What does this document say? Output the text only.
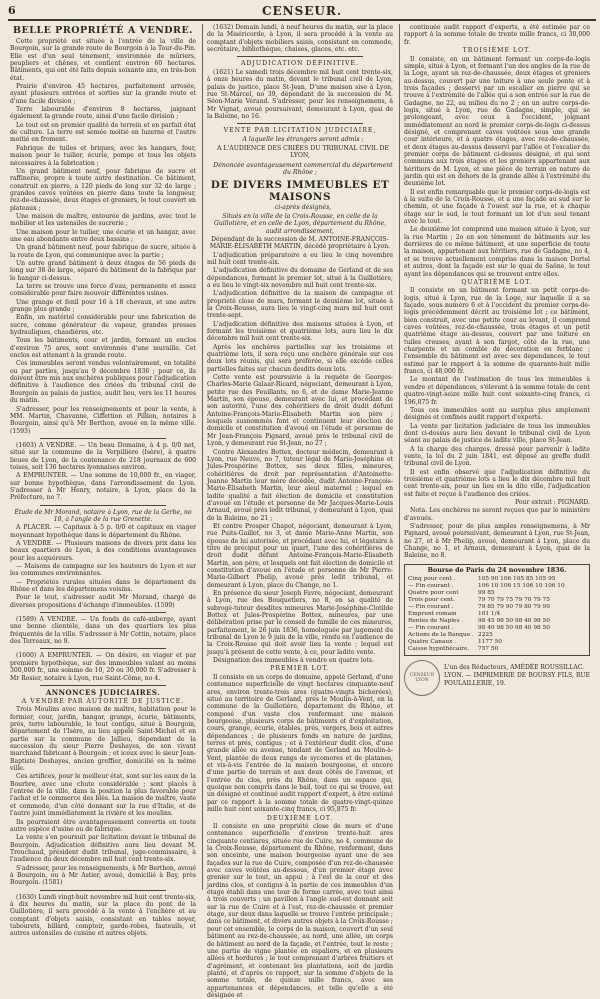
6	CENSEUR.
BELLE PROPRIÉTÉ A VENDRE.

Cette propriété est située à l'entrée de la ville de Bourgoin, sur la grande route de Bourgoin à la Tour-du-Pin. Elle est d'un seul ténement, environnée de mûriers, peupliers et chênes, et contient environ 60 hectares. Bâtiments, qui ont été faits depuis soixante ans, en très-bon état.

Prairie d'environ 45 hectares, parfaitement arrosée, ayant plusieurs entrées et sorties sur la grande route et d'une facile division ;

Terre labourable d'environ 8 hectares, jaignant également la grande route, ainsi d'une facile division ;

Le tout est en premier qualité de terrein et en parfait état de culture. La terre est semée moitié en luzerne et l'autre moitié en froment.

Fabrique de tuiles et briques, avec les hangars, four, maison pour le tuilier, écurie, pompe et tous les objets nécessaires à la fabrication ;

Un grand bâtiment neuf, pour fabrique de sucre et raffinerie, propre à toute autre destination. Ce bâtiment, construit en pierre, a 120 pieds de long sur 32 de large ; grandes caves voûtées en pierre dans toute la longueur, rez-de-chaussée, deux étages et greniers, le tout couvert en plateaux ;

Une maison de maître, entourée de jardins, avec tout le mobilier et les ustensiles de sucrerie ;

Une maison pour le tuilier, une écurie et un hangar, avec une eau abondante entre deux bassins ;

Un grand bâtiment neuf, pour fabrique de sucre, située à la route de Lyon, qui communique avec la partie ;

Un autre grand bâtiment à deux étages de 56 pieds de long sur 38 de large, séparé du bâtiment de la fabrique par le hangar ci-dessus.

La terre se trouve une force d'eau, permanente et assez considérable pour faire mouvoir différentes usines.

Une grange et fenil pour 16 à 18 chevaux, et une autre grange plus grande ;

Enfin, un matériel considérable pour une fabrication de sucre, comme générateur de vapeur, grandes presses hydrauliques, chaudières, etc.

Tous les bâtiments, cour et jardin, formant un enclos d'environ 75 ares, sont environnés d'une muraille. Cet enclos est attenant à la grande route.

Ces immeubles seront vendus volontairement, en totalité ou par parties, jusqu'au 9 décembre 1836 ; pour ce, ils doivent être mis aux enchères publiques pour l'adjudication définitive à l'audience des criées du tribunal civil de Bourgoin au palais de justice, audit lieu, vers les 11 heures du matin.

S'adresser, pour les renseignements et pour la vente, à MM. Martin, Chavanne, Ciffettion et Pillion, notaires à Bourgoin, ainsi qu'à Mr Berthon, avoué en la même ville. (1593)

(1603) A VENDRE. — Un beau Domaine, à 4 p. 0/0 net, situé sur la commune de la Verpillière (Isère), à quatre lieues de Lyon, de la contenance de 218 journaux de 600 toises, soit 136 hectares lyonnaises environ.

A EMPRUNTER. — Une somme de 10,000 fr., en viager, sur bonne hypothèque, dans l'arrondissement de Lyon. S'adresser à Mr Henry, notaire, à Lyon, place de la Préfecture, no 7.

Étude de Mr Morand, notaire à Lyon, rue de la Gerbe, no 18, à l'angle de la rue Grenette.

A PLACER. — Capitaux à 5 p. 0/0 et capitaux en viager moyennant hypothèque dans le département du Rhône.

A VENDRE. — Plusieurs maisons de divers prix dans les beaux quartiers de Lyon, à des conditions avantageuses pour les acquéreurs.

— Maisons de campagne sur les hauteurs de Lyon et sur les communes environnantes.

— Propriétés rurales situées dans le département du Rhône et dans les départemens voisins.

Pour le tout, s'adresser audit Mr Morand, chargé de diverses propositions d'échange d'immeubles. (1599)

(1589) A VENDRE. — Un fonds de café-auberge, ayant une bonne clientèle, dans un des quartiers les plus fréquentés de la ville. S'adresser à Mr Cottin, notaire, place des Terreaux, no 9.

(1600) A EMPRUNTER. — On désire, en viager et par première hypothèque, sur des immeubles valant au moins 300,000 fr., une somme de 10, 20 ou 30,000 fr. S'adresser à Mr Rosier, notaire à Lyon, rue Saint-Côme, no 4.

ANNONCES JUDICIAIRES.
A VENDRE PAR AUTORITÉ DE JUSTICE.

Trois Moulins avec maison de maître, habitation pour le fermier, cour, jardin, hangar, grange, écurie, bâtiments, prés, terre labourable, le tout contigu, situé à Bourgoin, département de l'Isère, au lieu appelé Saint-Michel et en partie sur la commune de Jallieu, dépendant de la succession du sieur Pierre Deshayes, de son vivant marchand fabricant à Bourgoin ; et iceux avec le sieur Jean-Baptiste Deshayes, ancien greffier, domicilié en la même ville.

Ces artifices, pour le meilleur état, sont sur les eaux de la Bourbre, avec une chute considérable ; sont placés à l'entrée de la ville, dans la position la plus favorable pour l'achat et le commerce des blés. La maison de maître, vaste et commode, d'un côté donnant sur la rue d'Italie, et de l'autre joint immédiatement la rivière et les moulins.

Ils pourraient être avantageusement convertis en toute autre espèce d'usine ou de fabrique.

La vente s'en poursuit par licitation devant le tribunal de Bourgoin. Adjudication définitive aura lieu devant M. Trouchaud, président dudit tribunal, juge-commissaire, à l'audience du deux décembre mil huit cent trente-six.

S'adresser, pour les renseignements, à Mr Berthon, avoué à Bourgoin, ou à Mr Astier, avoué, domicilié à Bay, près Bourgoin. (1581)

(1630) Lundi vingt-huit novembre mil huit cent trente-six, à dix heures du matin, sur la place du pont de la Guillotière, il sera procédé à la vente à l'enchère et au comptant d'objets saisis, consistant en tables noyer, tabourets, billard, comptoir, garde-robes, fauteuils, et autres ustensiles de cuisine et autres objets.

(1632) Demain lundi, à neuf heures du matin, sur la place de la Miséricorde, à Lyon, il sera procédé à la vente au comptant d'objets mobiliers saisis, consistant en commode, secrétaire, bibliothèque, chaises, glaces, etc. etc.

ADJUDICATION DÉFINITIVE.

(1621) Le samedi trois décembre mil huit cent trente-six, à onze heures du matin, devant le tribunal civil de Lyon, palais de justice, place St-Jean, D'une maison sise à Lyon, rue St-Marcel, no 39, dépendant de la succession de M. Séon-Marie Vérand. S'adresser, pour les renseignemens, à Mr Vignat, avoué poursuivant, demeurant à Lyon, quai de la Baleine, no 16.

VENTE PAR LICITATION JUDICIAIRE,

A laquelle les étrangers seront admis ;

A L'AUDIENCE DES CRIÉES DU TRIBUNAL CIVIL DE LYON,

Dénoncée avantageusement commercial du département du Rhône ;

DE DIVERS IMMEUBLES ET MAISONS

ci-après désignés,

Situés en la ville de la Croix-Rousse, en celle de la Guillotière, et en celle de Lyon, département du Rhône, audit arrondissement,

Dépendant de la succession de M. ANTOINE-FRANÇOIS-MARIE-ÉLISABETH MARTIN, décédé propriétaire à Lyon.

L'adjudication préparatoire a eu lieu le cinq novembre mil huit cent trente-six.

L'adjudication définitive du domaine de Gerland et de ses dépendances, formant le premier lot, situé à la Guillotière, a eu lieu le vingt-six novembre mil huit cent trente-six.

L'adjudication définitive de la maison de campagne et propriété close de murs, formant le deuxième lot, située à la Croix-Rousse, aura lieu le vingt-cinq mars mil huit cent trente-sept.

L'adjudication définitive des maisons situées à Lyon, et formant les troisième et quatrième lots, aura lieu le dix décembre mil huit cent trente-six.

Après les enchères partielles sur les troisième et quatrième lots, il sera reçu une enchère générale sur ces deux lots réunis, qui sera préférée, si elle excède celles partielles faites sur chacun desdits deux lots.

Cette vente est poursuivie à la requête de Georges-Charles-Marie Galaar-Ricard, négociant, demeurant à Lyon, petite rue des Feuillants, no 6, et de dame Marie-Jeanne Martin, son épouse, demeurant avec lui, et procédant de son autorité, l'une des cohéritiers de droit dudit défunt Antoine-François-Marie-Élisabeth Martin son père ; lesquels susnommés font et continuent leur élection de domicile et constitution d'avoué en l'étude et personne de Mr Jean-François Pignard, avoué près le tribunal civil de Lyon, y demeurant rue St-Jean, no 27 ;

Contre Alexandre Bottex, docteur médecin, demeurant à Lyon, rue Neuve, no 7, tuteur légal de Marie-Joséphine et Jules-Prospérine Bottex, ses deux filles, mineures, cohéritières de droit par représentation d'Antoinette-Jeanne Martin leur mère décédée, dudit Antoine-François-Marie-Élisabeth Martin, leur aïeul maternel ; lequel en ladite qualité a fait élection de domicile et constitution d'avoué en l'étude et personne de Mr Jacques-Marie-Louis Arnaud, avoué près ledit tribunal, y demeurant à Lyon, quai de la Baleine, no 21 ;

Et contre Prosper Chapot, négociant, demeurant à Lyon, rue Puits-Gaillot, no 3, et dame Marie-Anne Martin, son épouse de lui autorisée, et procédant avec lui, et légataire à titre de préciput pour un quart, l'une des cohéritières de droit dudit défunt Antoine-François-Marie-Élisabeth Martin, son père, et lesquels ont fait élection de domicile et constitution d'avoué en l'étude et personne de Mr Pierre-Marie-Gilbert Phelip, avoué près ledit tribunal, et demeurant à Lyon, place du Change, no 1.

En présence du sieur Joseph Favre, négociant, demeurant à Lyon, rue des Bouquetiers, no 8, en sa qualité de subrogé-tuteur desdites mineures Marie-Joséphine-Clotilde Bottex et Jules-Prospérine Bottex, mineures, par une délibération prise par le conseil de famille de ces mineures, parfaitement, le 26 juin 1836, homologuée par jugement du tribunal de Lyon le 9 juin de la ville, rendu en l'audience de la Croix-Rousse qui doit avoir lieu la vente ; lequel est jusqu'à présent de cette vente, à ce, pour ladite vente.

Désignation des immeubles à vendre en quatre lots.

PREMIER LOT.

Il consiste en un corps de domaine, appelé Gerland, d'une contenance superficielle de vingt hectares cinquante-neuf ares, environ trente-trois ares (quatre-vingts bicherées), situé au territoire de Gerland, près le Moulin-à-Vent, en la commune de la Guillotière, département du Rhône, et composé d'un vaste clos renfermant une maison bourgeoise, plusieurs corps de bâtiments et d'exploitation, cours, grange, écurie, étables, prés, vergers, bois et autres dépendances ; de plusieurs fonds en nature de jardins, terres et prés, contigus ; et à l'extérieur dudit clos, d'une grande allée ou avenue, tendant de Gerland au Moulin-à-Vent, plantée de deux rangs de sycomores et de platanes, et vis-à-vis l'entrée de la maison bourgeoise, et encore d'une partie de terrain et aux deux côtés de l'avenue, et l'entrée du clos, près du Rhône, dans un espace qui, quoique non compris dans le bail, tout ce qui se trouve, est un désigné et continué audit rapport d'expert, à être estimé par ce rapport à la somme totale de quatre-vingt-quinze mille huit cent soixante-cinq francs, ci 95,875 fr.

DEUXIÈME LOT.

Il consiste en une propriété close de murs et d'une contenance superficielle d'environ trente-huit ares cinquante centiares, située rue de Cuire, no 4, commune de la Croix-Rousse, département du Rhône, renfermant, dans son enceinte, une maison bourgeoise ayant une de ses façades sur la rue de Cuire, composée d'un rez-de-chaussée avec caves voûtées au-dessous, d'un premier étage avec grenier sur le tout, un appui ; à l'est de la cour et des jardins clos, et contigus à la partie de ces immeubles d'un étage établi dans une tour de forme carrée, avec tout ainsi à trois couverts ; un pavillon à l'angle sud-est donnant soit sur la rue de Cuire et à l'est, rez-de-chaussée et premier étage, sur deux dans laquelle se trouve l'entrée principale ; dans ce bâtiment, et divers autres objets à la Croix-Rousse ; pour cet ensemble, le corps de la maison, couvert d'un seul bâtiment au rez-de-chaussée, au nord, une allée, un corps de bâtiment au nord de la façade, et l'entrée, tout le reste ; une partie de vigne plantée en espaliers, et en plusieurs allées et hordures ; le tout comprenant d'arbres fruitiers et d'agrément, et contenant les plantations, soit de jardin planté, et d'après ce rapport, sur la somme d'objets de la somme totale, de quinze mille francs, avec ses appartenances et dépendances, et telle qu'elle a été désignée et

continuée audit rapport d'experts, a été estimée par ce rapport à la somme totale de trente mille francs, ci 30,000 fr.

TROISIÈME LOT.

Il consiste, en un bâtiment formant un corps-de-logis simple, situé à Lyon, et formant l'un des angles de la rue de la Loge, ayant un rez-de-chaussée, deux étages et greniers au-dessus, couvert par une toiture à une seule pente et à trois façades ; desservi par un escalier en pierre qui se trouve à l'extrémité de l'allée qui a son entrée sur la rue de Gadagne, no 22, au milieu du no 2 ; en un autre corps-de-logis, situé à Lyon, rue de Gadagne, simple, qui se prolongeant, avec ceux à l'occident, joignant immédiatement au nord le premier corps-de-logis ci-dessus désigné, et comprenant caves voûtées sous une grande cour intérieure, et à quatre étages, avec rez-de-chaussée, et deux étages au-dessus desservi par l'allée et l'escalier du premier corps de bâtiment ci-dessus désigné, et qui sont communs aux trois étages et les greniers appartenant aux héritiers de M. Lyon, et une pièce de terrain en nature de jardin qui est en dehors de la grande allée à l'extrémité du deuxième lot.

Il est enfin remarquable que le premier corps-de-logis est à la suite de la Croix-Rousse, et a une façade au sud sur le chemin, et une façade à l'ouest sur la rue, et à chaque étage sur le sud, le tout formant un lot d'un seul tenant avec le tout.

Le deuxième lot comprend une maison située à Lyon, sur la rue Martin ; 2o en son ténement de bâtiments sur les derrières de ce même bâtiment, et une superficie de toute la maison, appartenant aux héritiers, rue de Gadagne, no 4, et se trouve actuellement comprise dans la maison Dortel et autres, dont la façade est sur le quai de Saône, le tout ayant les dépendances qui se trouvent entre elles.

QUATRIÈME LOT.

Il consiste en un bâtiment formant un petit corps-de-logis, situé à Lyon, rue de la Loge, sur laquelle il a sa façade, sous numéro 6 et à l'occident du premier corps-de-logis précédemment décrit au troisième lot ; ce bâtiment, bien construit, avec une petite cour au levant, il comprend caves voûtées, rez-de-chaussée, trois étages et un petit quatrième étage au-dessus, couvert par une toiture en tuiles creuses, ayant à son fargot, côté de la rue, une charpente et un comble de décoration en ferblanc ; l'ensemble du bâtiment est avec ses dépendances, le tout estimé par le rapport à la somme de quarante-huit mille francs, ci 48,000 fr.

Le montant de l'estimation de tous les immeubles à vendre et dépendances, s'élevant à la somme totale de cent quatre-vingt-seize mille huit cent soixante-cinq francs, ci 196,875 fr.

Tous ces immeubles sont au surplus plus amplement désignés et confinés audit rapport d'experts.

La vente par licitation judiciaire de tous les immeubles dont ci-dessus aura lieu devant le tribunal civil de Lyon séant au palais de justice de ladite ville, place St-Jean.

A la charge des charges, dressé pour parvenir à ladite vente, la loi du 2 juin 1841, est déposé au greffe dudit tribunal civil de Lyon.

Il est enfin observé que l'adjudication définitive du troisième et quatrième lots a lieu le dix décembre mil huit cent trente-six, pour un lieu en la dite ville, l'adjudication est faite et reçue à l'audience des criées.

Pour extrait : PIGNARD.

Nota. Les enchères ne seront reçues que par le ministère d'avoués.

S'adresser, pour de plus amples renseignemens, à Mr Pignard, avoué poursuivant, demeurant à Lyon, rue St-Jean, no 27, et à Mr Phelip, avoué, demeurant à Lyon, place du Change, no 1, et Arnaux, demeurant à Lyon, quai de la Baleine, no 8.

Bourse de Paris du 24 novembre 1836.
Cinq pour cent .	105 90 106 105 85 105 95
— Fin courant .	106 10 106 15 106 10 106 10
Quatre pour cent	99 85
Trois pour cent.	79 70 79 75 79 70 79 75
— Fin courant .	79 85 79 90 79 80 79 90
Emprunt romain	101 1/4
Rentes de Naples .	98 45 98 50 98 40 98 50
— Fin courant .	98 40 98 50 98 40 98 50
Actions de la Banque . 2225
Quatre Canaux .	1177 50
Caisse hypothécaire.	757 50
CENSEUR
LYON
L'un des Rédacteurs, AMÉDÉE ROUSSILLAC.
LYON. — IMPRIMERIE DE BOURSY FILS, RUE POULAILLERIE, 19.
